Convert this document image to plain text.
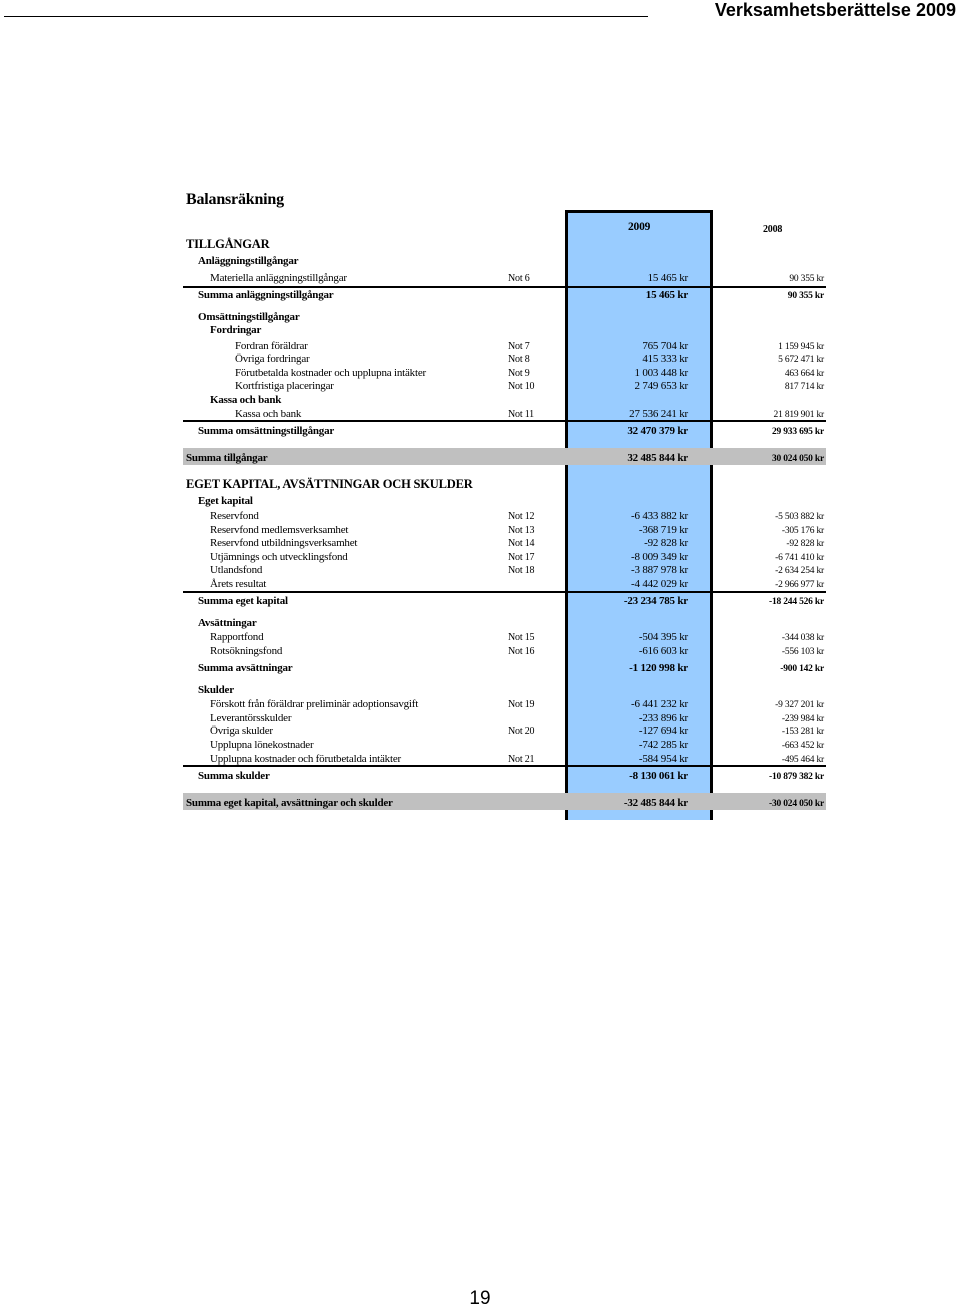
Verksamhetsberättelse 2009
Balansräkning
2009	2008
TILLGÅNGAR
EGET KAPITAL, AVSÄTTNINGAR OCH SKULDER
Anläggningstillgångar
Materiella anläggningstillgångar	Not 6	15 465 kr	90 355 kr
Summa anläggningstillgångar	15 465 kr	90 355 kr
Omsättningstillgångar
Fordringar
Fordran föräldrar	Not 7	765 704 kr	1 159 945 kr
Övriga fordringar	Not 8	415 333 kr	5 672 471 kr
Förutbetalda kostnader och upplupna intäkter	Not 9	1 003 448 kr	463 664 kr
Kortfristiga placeringar	Not 10	2 749 653 kr	817 714 kr
Kassa och bank
Kassa och bank	Not 11	27 536 241 kr	21 819 901 kr
Summa omsättningstillgångar	32 470 379 kr	29 933 695 kr
Summa tillgångar	32 485 844 kr	30 024 050 kr
Eget kapital
Reservfond	Not 12	-6 433 882 kr	-5 503 882 kr
Reservfond medlemsverksamhet	Not 13	-368 719 kr	-305 176 kr
Reservfond utbildningsverksamhet	Not 14	-92 828 kr	-92 828 kr
Utjämnings och utvecklingsfond	Not 17	-8 009 349 kr	-6 741 410 kr
Utlandsfond	Not 18	-3 887 978 kr	-2 634 254 kr
Årets resultat	-4 442 029 kr	-2 966 977 kr
Summa eget kapital	-23 234 785 kr	-18 244 526 kr
Avsättningar
Rapportfond	Not 15	-504 395 kr	-344 038 kr
Rotsökningsfond	Not 16	-616 603 kr	-556 103 kr
Summa avsättningar	-1 120 998 kr	-900 142 kr
Skulder
Förskott från föräldrar preliminär adoptionsavgift	Not 19	-6 441 232 kr	-9 327 201 kr
Leverantörsskulder	-233 896 kr	-239 984 kr
Övriga skulder	Not 20	-127 694 kr	-153 281 kr
Upplupna lönekostnader	-742 285 kr	-663 452 kr
Upplupna kostnader och förutbetalda intäkter	Not 21	-584 954 kr	-495 464 kr
Summa skulder	-8 130 061 kr	-10 879 382 kr
Summa eget kapital, avsättningar och skulder	-32 485 844 kr	-30 024 050 kr
19
